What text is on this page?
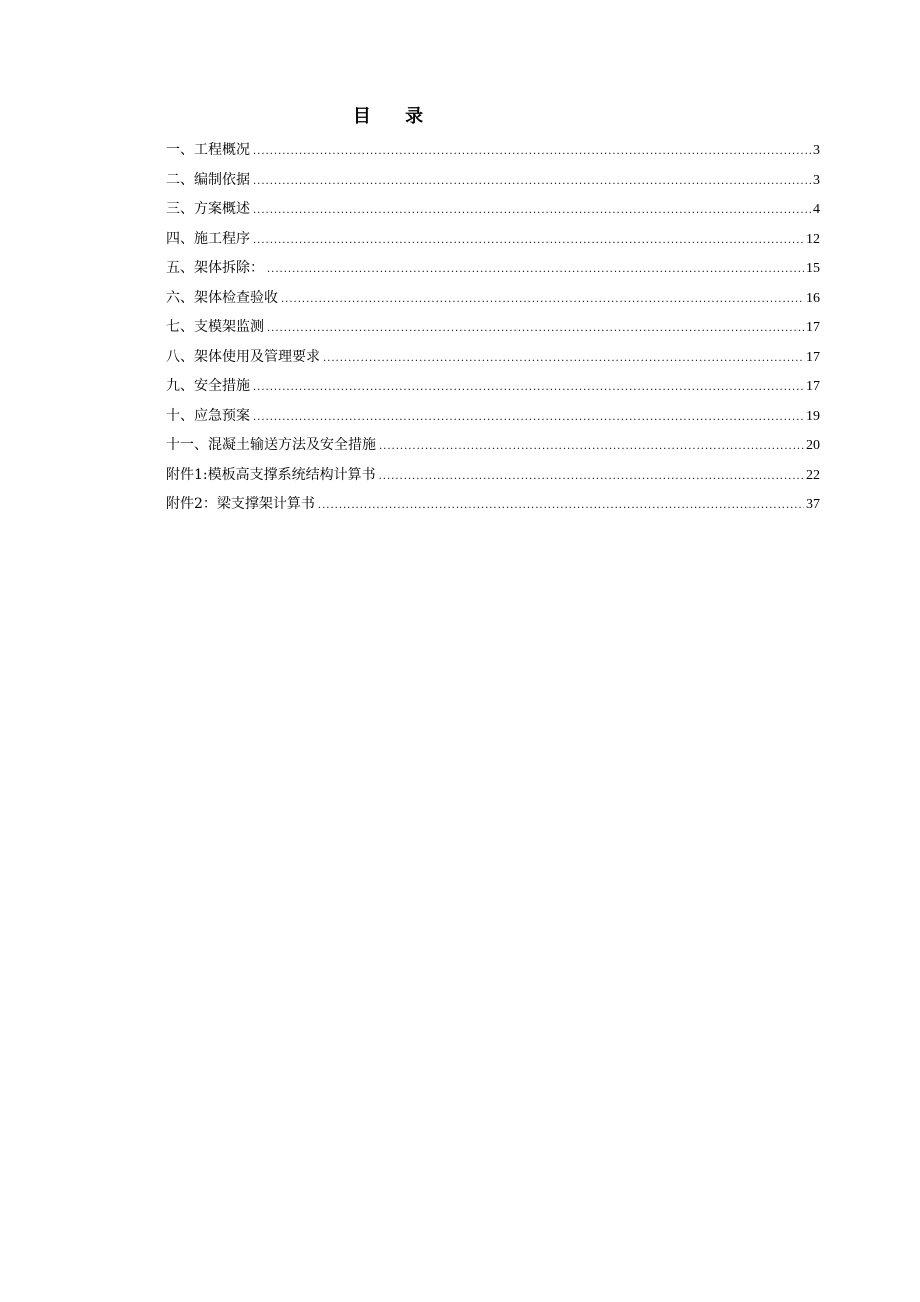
目 录
一、工程概况 .....	3
二、编制依据 .....	3
三、方案概述 .....	4
四、施工程序 .....	12
五、架体拆除： .....	15
六、架体检查验收 .....	16
七、支模架监测 .....	17
八、架体使用及管理要求 .....	17
九、安全措施 .....	17
十、应急预案 .....	19
十一、混凝土输送方法及安全措施 .....	20
附件1:模板高支撑系统结构计算书 .....	22
附件2：梁支撑架计算书 .....	37
